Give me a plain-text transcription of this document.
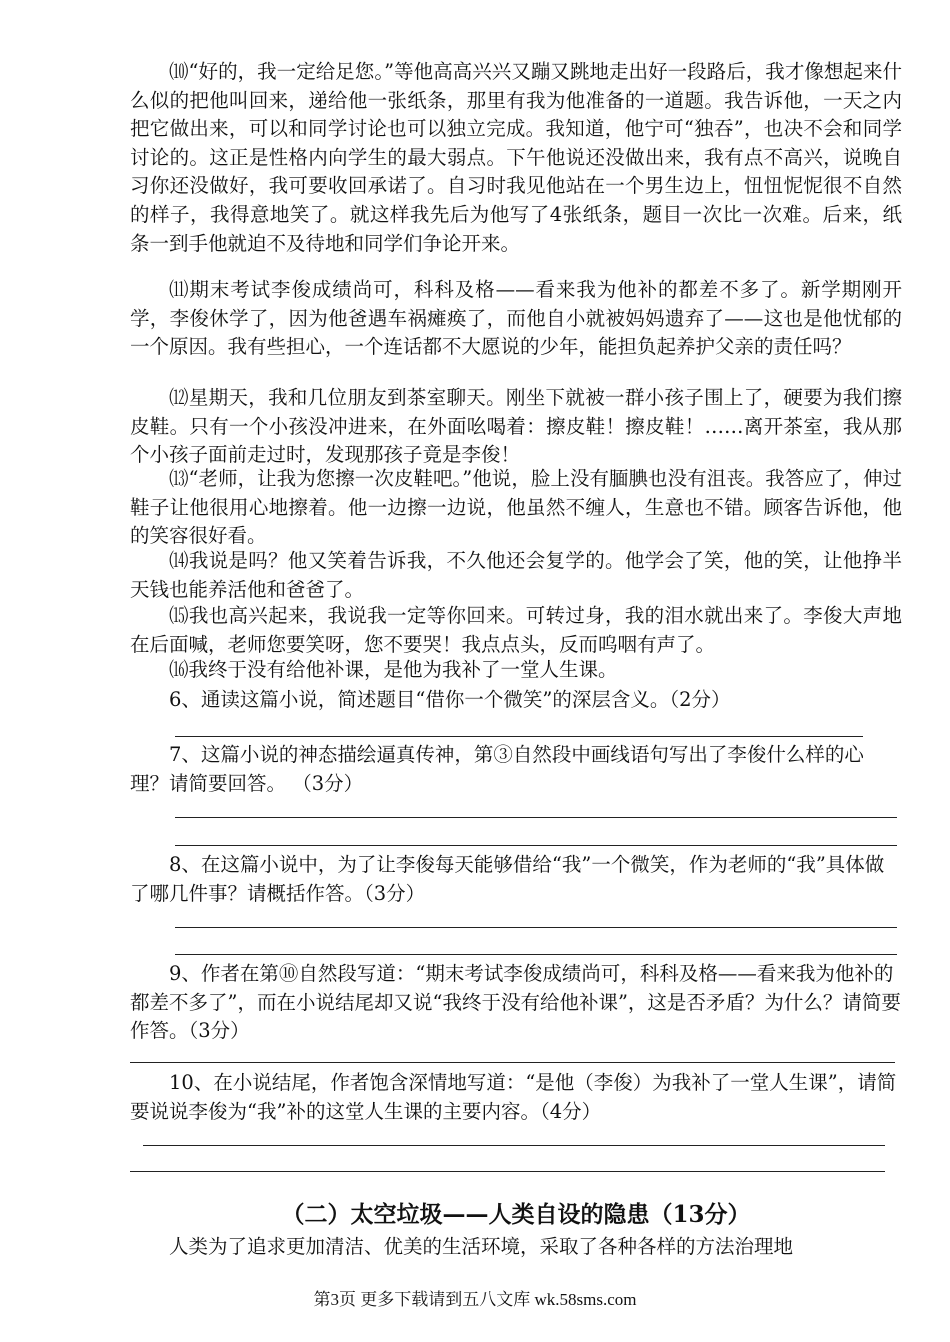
⑽“好的，我一定给足您。”等他高高兴兴又蹦又跳地走出好一段路后，我才像想起来什么似的把他叫回来，递给他一张纸条，那里有我为他准备的一道题。我告诉他，一天之内把它做出来，可以和同学讨论也可以独立完成。我知道，他宁可“独吞”，也决不会和同学讨论的。这正是性格内向学生的最大弱点。下午他说还没做出来，我有点不高兴，说晚自习你还没做好，我可要收回承诺了。自习时我见他站在一个男生边上，忸忸怩怩很不自然的样子，我得意地笑了。就这样我先后为他写了4张纸条，题目一次比一次难。后来，纸条一到手他就迫不及待地和同学们争论开来。

⑾期末考试李俊成绩尚可，科科及格——看来我为他补的都差不多了。新学期刚开学，李俊休学了，因为他爸遇车祸瘫痪了，而他自小就被妈妈遗弃了——这也是他忧郁的一个原因。我有些担心，一个连话都不大愿说的少年，能担负起养护父亲的责任吗？

⑿星期天，我和几位朋友到茶室聊天。刚坐下就被一群小孩子围上了，硬要为我们擦皮鞋。只有一个小孩没冲进来，在外面吆喝着：擦皮鞋！擦皮鞋！……离开茶室，我从那个小孩子面前走过时，发现那孩子竟是李俊！

⒀“老师，让我为您擦一次皮鞋吧。”他说，脸上没有腼腆也没有沮丧。我答应了，伸过鞋子让他很用心地擦着。他一边擦一边说，他虽然不缠人，生意也不错。顾客告诉他，他的笑容很好看。

⒁我说是吗？他又笑着告诉我，不久他还会复学的。他学会了笑，他的笑，让他挣半天钱也能养活他和爸爸了。

⒂我也高兴起来，我说我一定等你回来。可转过身，我的泪水就出来了。李俊大声地在后面喊，老师您要笑呀，您不要哭！我点点头，反而呜咽有声了。

⒃我终于没有给他补课，是他为我补了一堂人生课。

6、通读这篇小说，简述题目“借你一个微笑”的深层含义。（2分）

7、这篇小说的神态描绘逼真传神，第③自然段中画线语句写出了李俊什么样的心理？请简要回答。 （3分）

8、在这篇小说中，为了让李俊每天能够借给“我”一个微笑，作为老师的“我”具体做了哪几件事？请概括作答。（3分）

9、作者在第⑩自然段写道：“期末考试李俊成绩尚可，科科及格——看来我为他补的都差不多了”，而在小说结尾却又说“我终于没有给他补课”，这是否矛盾？为什么？请简要作答。（3分）

10、在小说结尾，作者饱含深情地写道：“是他（李俊）为我补了一堂人生课”，请简要说说李俊为“我”补的这堂人生课的主要内容。（4分）

（二）太空垃圾——人类自设的隐患（13分）

人类为了追求更加清洁、优美的生活环境，采取了各种各样的方法治理地

第3页 更多下载请到五八文库 wk.58sms.com
